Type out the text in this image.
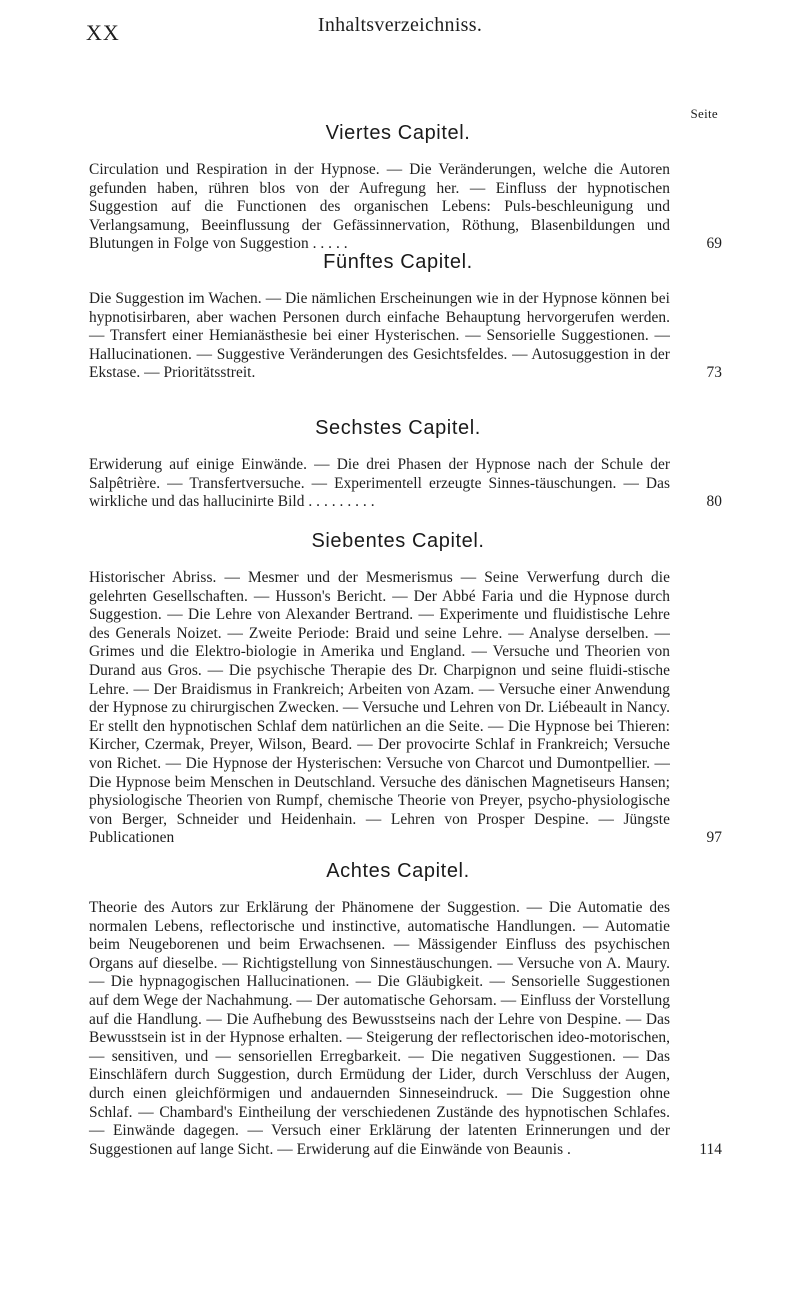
XX	Inhaltsverzeichniss.
Seite
Viertes Capitel.
Circulation und Respiration in der Hypnose. — Die Veränderungen, welche die Autoren gefunden haben, rühren blos von der Aufregung her. — Einfluss der hypnotischen Suggestion auf die Functionen des organischen Lebens: Puls-beschleunigung und Verlangsamung, Beeinflussung der Gefässinnervation, Röthung, Blasenbildungen und Blutungen in Folge von Suggestion . . . . .	69
Fünftes Capitel.
Die Suggestion im Wachen. — Die nämlichen Erscheinungen wie in der Hypnose können bei hypnotisirbaren, aber wachen Personen durch einfache Behauptung hervorgerufen werden. — Transfert einer Hemianästhesie bei einer Hysterischen. — Sensorielle Suggestionen. — Hallucinationen. — Suggestive Veränderungen des Gesichtsfeldes. — Autosuggestion in der Ekstase. — Prioritätsstreit.	73
Sechstes Capitel.
Erwiderung auf einige Einwände. — Die drei Phasen der Hypnose nach der Schule der Salpêtrière. — Transfertversuche. — Experimentell erzeugte Sinnes-täuschungen. — Das wirkliche und das hallucinirte Bild . . . . . . . . .	80
Siebentes Capitel.
Historischer Abriss. — Mesmer und der Mesmerismus — Seine Verwerfung durch die gelehrten Gesellschaften. — Husson's Bericht. — Der Abbé Faria und die Hypnose durch Suggestion. — Die Lehre von Alexander Bertrand. — Experimente und fluidistische Lehre des Generals Noizet. — Zweite Periode: Braid und seine Lehre. — Analyse derselben. — Grimes und die Elektro-biologie in Amerika und England. — Versuche und Theorien von Durand aus Gros. — Die psychische Therapie des Dr. Charpignon und seine fluidi-stische Lehre. — Der Braidismus in Frankreich; Arbeiten von Azam. — Versuche einer Anwendung der Hypnose zu chirurgischen Zwecken. — Versuche und Lehren von Dr. Liébeault in Nancy. Er stellt den hypnotischen Schlaf dem natürlichen an die Seite. — Die Hypnose bei Thieren: Kircher, Czermak, Preyer, Wilson, Beard. — Der provocirte Schlaf in Frankreich; Versuche von Richet. — Die Hypnose der Hysterischen: Versuche von Charcot und Dumontpellier. — Die Hypnose beim Menschen in Deutschland. Versuche des dänischen Magnetiseurs Hansen; physiologische Theorien von Rumpf, chemische Theorie von Preyer, psycho-physiologische von Berger, Schneider und Heidenhain. — Lehren von Prosper Despine. — Jüngste Publicationen	97
Achtes Capitel.
Theorie des Autors zur Erklärung der Phänomene der Suggestion. — Die Automatie des normalen Lebens, reflectorische und instinctive, automatische Handlungen. — Automatie beim Neugeborenen und beim Erwachsenen. — Mässigender Einfluss des psychischen Organs auf dieselbe. — Richtigstellung von Sinnestäuschungen. — Versuche von A. Maury. — Die hypnagogischen Hallucinationen. — Die Gläubigkeit. — Sensorielle Suggestionen auf dem Wege der Nachahmung. — Der automatische Gehorsam. — Einfluss der Vorstellung auf die Handlung. — Die Aufhebung des Bewusstseins nach der Lehre von Despine. — Das Bewusstsein ist in der Hypnose erhalten. — Steigerung der reflectorischen ideo-motorischen, — sensitiven, und — sensoriellen Erregbarkeit. — Die negativen Suggestionen. — Das Einschläfern durch Suggestion, durch Ermüdung der Lider, durch Verschluss der Augen, durch einen gleichförmigen und andauernden Sinneseindruck. — Die Suggestion ohne Schlaf. — Chambard's Eintheilung der verschiedenen Zustände des hypnotischen Schlafes. — Einwände dagegen. — Versuch einer Erklärung der latenten Erinnerungen und der Suggestionen auf lange Sicht. — Erwiderung auf die Einwände von Beaunis .	114
